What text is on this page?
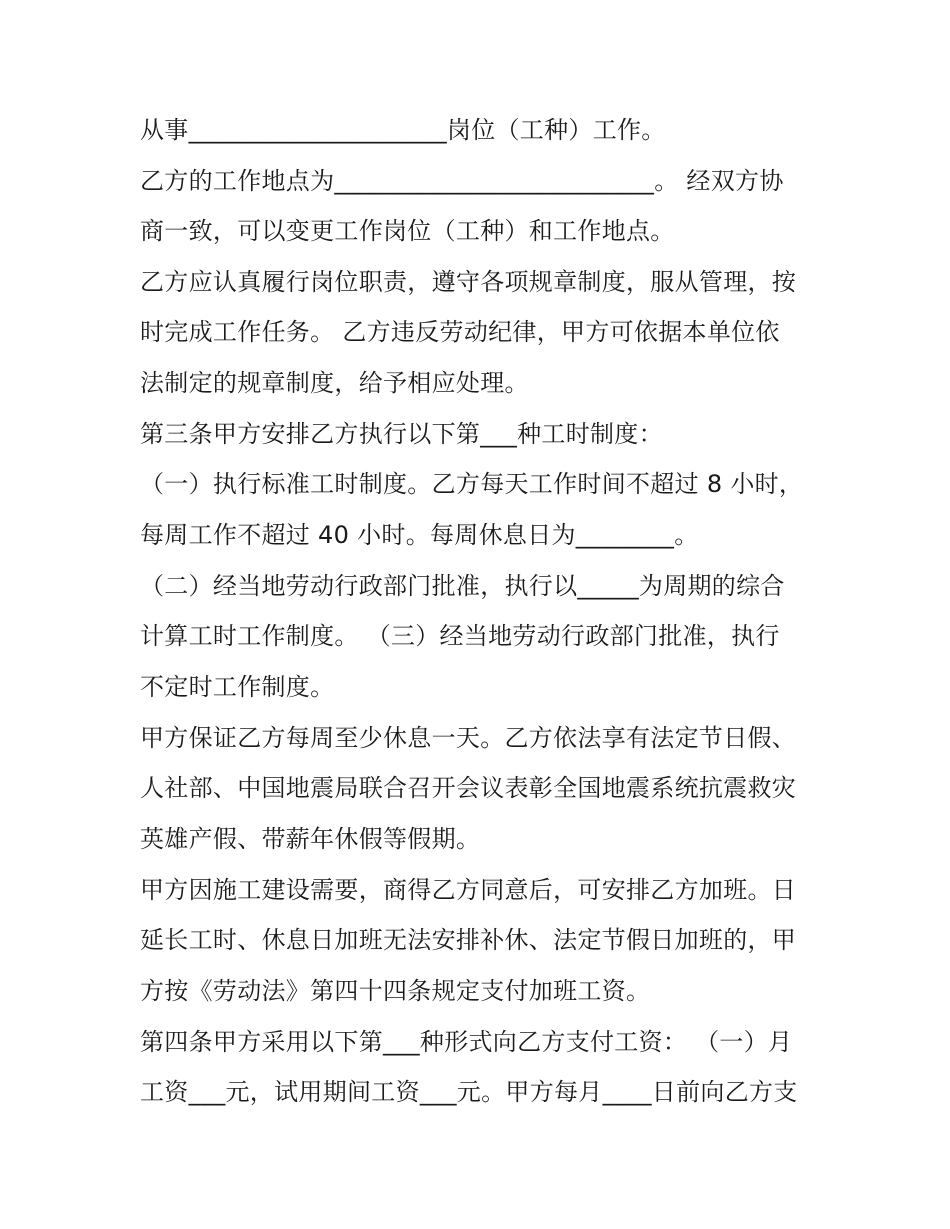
从事_____________________岗位（工种）工作。
乙方的工作地点为__________________________。 经双方协
商一致，可以变更工作岗位（工种）和工作地点。
乙方应认真履行岗位职责，遵守各项规章制度，服从管理，按
时完成工作任务。 乙方违反劳动纪律，甲方可依据本单位依
法制定的规章制度，给予相应处理。
第三条甲方安排乙方执行以下第___种工时制度：
（一）执行标准工时制度。乙方每天工作时间不超过 8 小时，
每周工作不超过 40 小时。每周休息日为________。
（二）经当地劳动行政部门批准，执行以_____为周期的综合
计算工时工作制度。 （三）经当地劳动行政部门批准，执行
不定时工作制度。
甲方保证乙方每周至少休息一天。乙方依法享有法定节日假、
人社部、中国地震局联合召开会议表彰全国地震系统抗震救灾
英雄产假、带薪年休假等假期。
甲方因施工建设需要，商得乙方同意后，可安排乙方加班。日
延长工时、休息日加班无法安排补休、法定节假日加班的，甲
方按《劳动法》第四十四条规定支付加班工资。
第四条甲方采用以下第___种形式向乙方支付工资： （一）月
工资___元，试用期间工资___元。甲方每月____日前向乙方支
